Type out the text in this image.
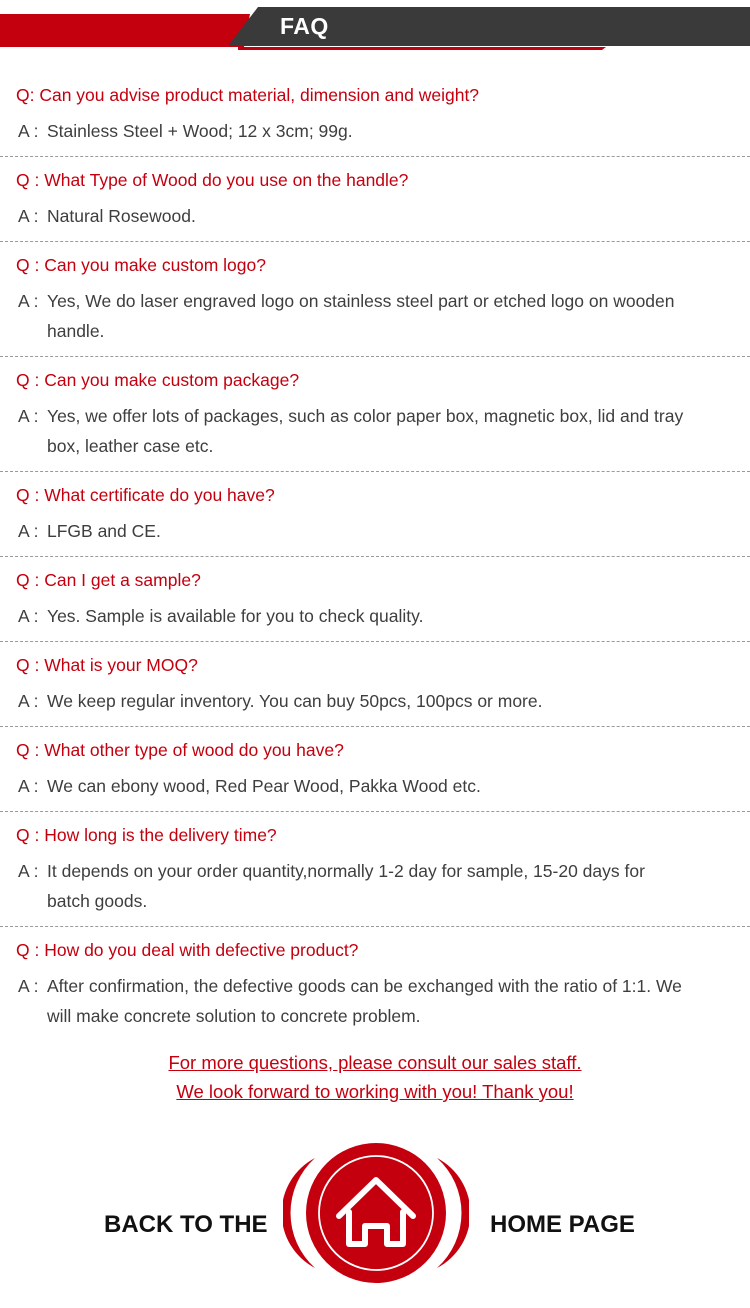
FAQ

Q: Can you advise product material, dimension and weight?

A : Stainless Steel + Wood; 12 x 3cm; 99g.

Q : What Type of Wood do you use on the handle?

A : Natural Rosewood.

Q : Can you make custom logo?

A : Yes, We do laser engraved logo on stainless steel part or etched logo on wooden handle.

Q : Can you make custom package?

A : Yes, we offer lots of packages, such as color paper box, magnetic box, lid and tray box, leather case etc.

Q : What certificate do you have?

A : LFGB and CE.

Q : Can I get a sample?

A : Yes. Sample is available for you to check quality.

Q : What is your MOQ?

A : We keep regular inventory. You can buy 50pcs, 100pcs or more.

Q : What other type of wood do you have?

A : We can ebony wood, Red Pear Wood, Pakka Wood etc.

Q : How long is the delivery time?

A : It depends on your order quantity,normally 1-2 day for sample, 15-20 days for batch goods.

Q : How do you deal with defective product?

A : After confirmation, the defective goods can be exchanged with the ratio of 1:1. We will make concrete solution to concrete problem.

For more questions, please consult our sales staff.
We look forward to working with you! Thank you!
BACK TO THE	HOME PAGE
